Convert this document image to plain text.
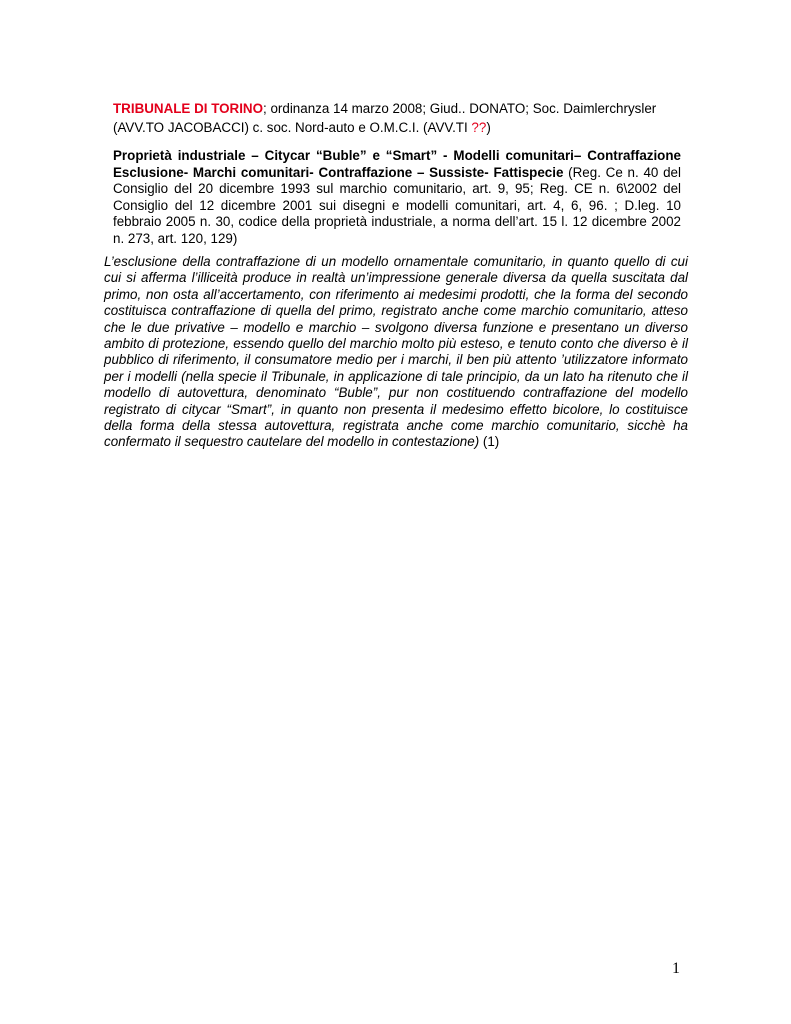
TRIBUNALE DI TORINO; ordinanza 14 marzo 2008; Giud.. DONATO; Soc. Daimlerchrysler (AVV.TO JACOBACCI) c. soc. Nord-auto e O.M.C.I. (AVV.TI ??)

Proprietà industriale – Citycar “Buble” e “Smart” - Modelli comunitari– Contraffazione Esclusione- Marchi comunitari- Contraffazione – Sussiste- Fattispecie (Reg. Ce n. 40 del Consiglio del 20 dicembre 1993 sul marchio comunitario, art. 9, 95; Reg. CE n. 6\2002 del Consiglio del 12 dicembre 2001 sui disegni e modelli comunitari, art. 4, 6, 96. ; D.leg. 10 febbraio 2005 n. 30, codice della proprietà industriale, a norma dell’art. 15 l. 12 dicembre 2002 n. 273, art. 120, 129)

L’esclusione della contraffazione di un modello ornamentale comunitario, in quanto quello di cui cui si afferma l’illiceità produce in realtà un’impressione generale diversa da quella suscitata dal primo, non osta all’accertamento, con riferimento ai medesimi prodotti, che la forma del secondo costituisca contraffazione di quella del primo, registrato anche come marchio comunitario, atteso che le due privative – modello e marchio – svolgono diversa funzione e presentano un diverso ambito di protezione, essendo quello del marchio molto più esteso, e tenuto conto che diverso è il pubblico di riferimento, il consumatore medio per i marchi, il ben più attento ’utilizzatore informato per i modelli (nella specie il Tribunale, in applicazione di tale principio, da un lato ha ritenuto che il modello di autovettura, denominato “Buble”, pur non costituendo contraffazione del modello registrato di citycar “Smart”, in quanto non presenta il medesimo effetto bicolore, lo costituisce della forma della stessa autovettura, registrata anche come marchio comunitario, sicchè ha confermato il sequestro cautelare del modello in contestazione) (1)

1
